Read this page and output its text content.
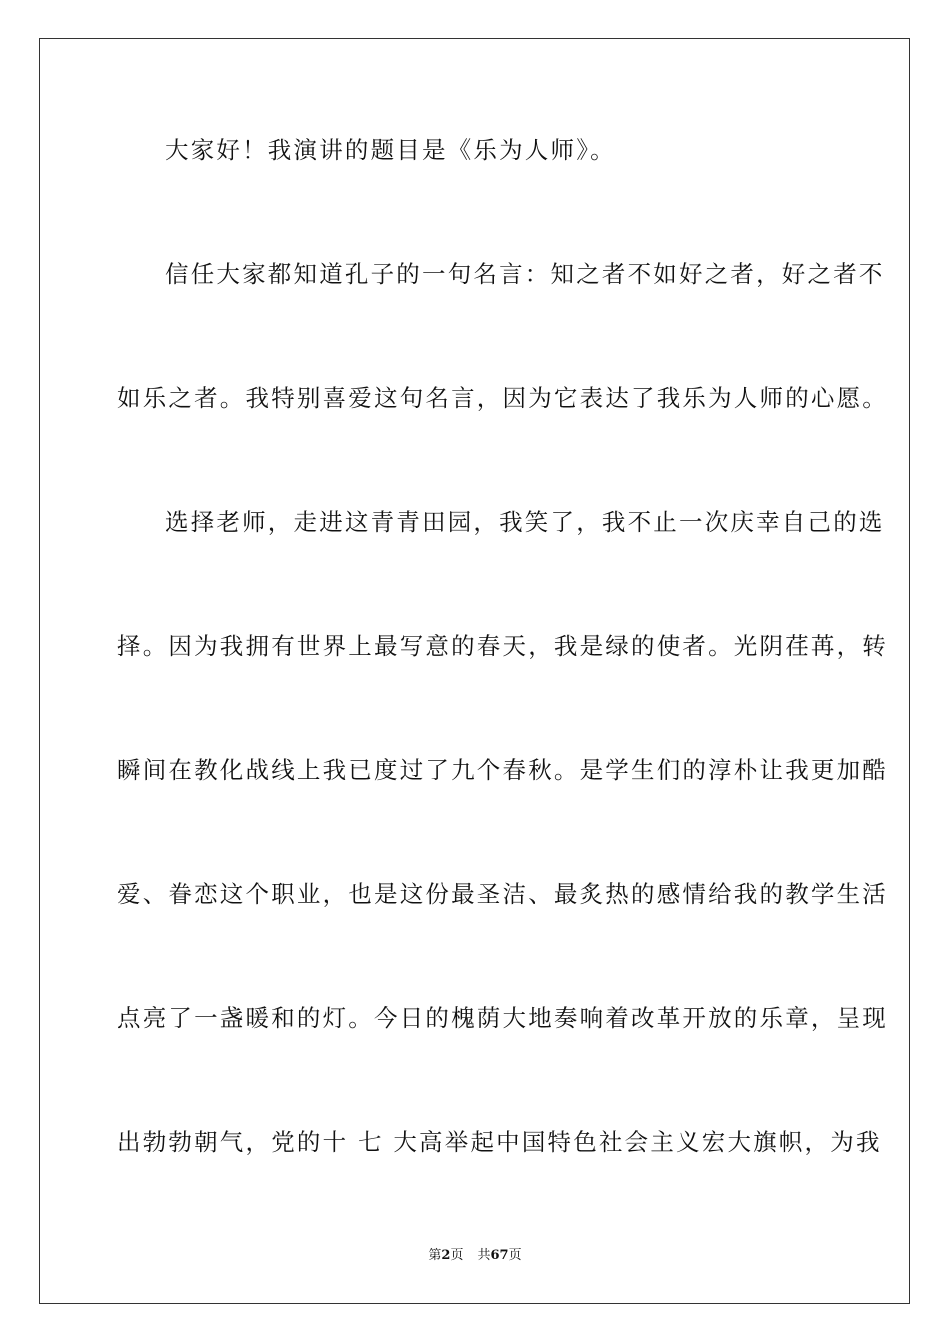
大家好！我演讲的题目是《乐为人师》。
信任大家都知道孔子的一句名言：知之者不如好之者，好之者不
如乐之者。我特别喜爱这句名言，因为它表达了我乐为人师的心愿。
选择老师，走进这青青田园，我笑了，我不止一次庆幸自己的选
择。因为我拥有世界上最写意的春天，我是绿的使者。光阴荏苒，转
瞬间在教化战线上我已度过了九个春秋。是学生们的淳朴让我更加酷
爱、眷恋这个职业，也是这份最圣洁、最炙热的感情给我的教学生活
点亮了一盏暖和的灯。今日的槐荫大地奏响着改革开放的乐章，呈现
出勃勃朝气，党的十 七 大高举起中国特色社会主义宏大旗帜，为我
第2页 共67页
